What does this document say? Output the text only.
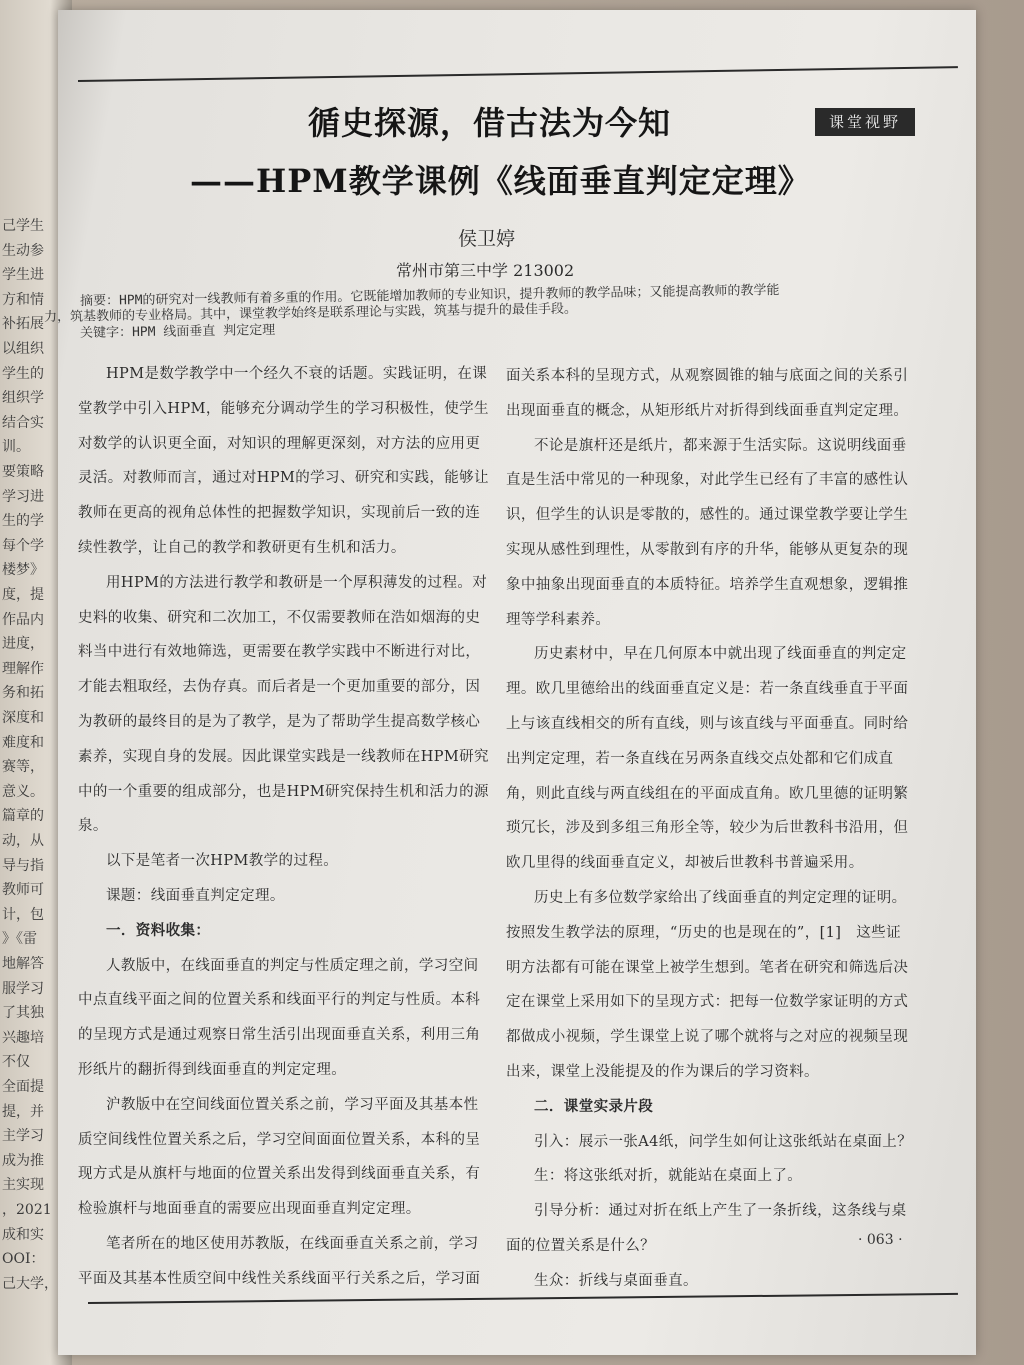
己学生
生动参
学生进
方和情
补拓展
以组织
学生的
组织学
结合实
训。
要策略
学习进
生的学
每个学
楼梦》
度，提
作品内
进度，
理解作
务和拓
深度和
难度和
赛等，
意义。
篇章的
动，从
导与指
教师可
计，包
》《雷
地解答
服学习
了其独
兴趣培
不仅
全面提
提，并
主学习
成为推
主实现
，2021
成和实
OOI：
己大学，
课堂视野
循史探源，借古法为今知
——HPM教学课例《线面垂直判定定理》
侯卫婷
常州市第三中学 213002
摘要：HPM的研究对一线教师有着多重的作用。它既能增加教师的专业知识，提升教师的教学品味；又能提高教师的教学能
力，筑基教师的专业格局。其中，课堂教学始终是联系理论与实践，筑基与提升的最佳手段。
关键字：HPM 线面垂直 判定定理
HPM是数学教学中一个经久不衰的话题。实践证明，在课
堂教学中引入HPM，能够充分调动学生的学习积极性，使学生
对数学的认识更全面，对知识的理解更深刻，对方法的应用更
灵活。对教师而言，通过对HPM的学习、研究和实践，能够让
教师在更高的视角总体性的把握数学知识，实现前后一致的连
续性教学，让自己的教学和教研更有生机和活力。
用HPM的方法进行教学和教研是一个厚积薄发的过程。对
史料的收集、研究和二次加工，不仅需要教师在浩如烟海的史
料当中进行有效地筛选，更需要在教学实践中不断进行对比，
才能去粗取经，去伪存真。而后者是一个更加重要的部分，因
为教研的最终目的是为了教学，是为了帮助学生提高数学核心
素养，实现自身的发展。因此课堂实践是一线教师在HPM研究
中的一个重要的组成部分，也是HPM研究保持生机和活力的源
泉。
以下是笔者一次HPM教学的过程。
课题：线面垂直判定定理。
一．资料收集：
人教版中，在线面垂直的判定与性质定理之前，学习空间
中点直线平面之间的位置关系和线面平行的判定与性质。本科
的呈现方式是通过观察日常生活引出现面垂直关系，利用三角
形纸片的翻折得到线面垂直的判定定理。
沪教版中在空间线面位置关系之前，学习平面及其基本性
质空间线性位置关系之后，学习空间面面位置关系，本科的呈
现方式是从旗杆与地面的位置关系出发得到线面垂直关系，有
检验旗杆与地面垂直的需要应出现面垂直判定定理。
笔者所在的地区使用苏教版，在线面垂直关系之前，学习
平面及其基本性质空间中线性关系线面平行关系之后，学习面
面关系本科的呈现方式，从观察圆锥的轴与底面之间的关系引
出现面垂直的概念，从矩形纸片对折得到线面垂直判定定理。
不论是旗杆还是纸片，都来源于生活实际。这说明线面垂
直是生活中常见的一种现象，对此学生已经有了丰富的感性认
识，但学生的认识是零散的，感性的。通过课堂教学要让学生
实现从感性到理性，从零散到有序的升华，能够从更复杂的现
象中抽象出现面垂直的本质特征。培养学生直观想象，逻辑推
理等学科素养。
历史素材中，早在几何原本中就出现了线面垂直的判定定
理。欧几里德给出的线面垂直定义是：若一条直线垂直于平面
上与该直线相交的所有直线，则与该直线与平面垂直。同时给
出判定定理，若一条直线在另两条直线交点处都和它们成直
角，则此直线与两直线组在的平面成直角。欧几里德的证明繁
琐冗长，涉及到多组三角形全等，较少为后世教科书沿用，但
欧几里得的线面垂直定义，却被后世教科书普遍采用。
历史上有多位数学家给出了线面垂直的判定定理的证明。
按照发生教学法的原理，“历史的也是现在的”，[1]　这些证
明方法都有可能在课堂上被学生想到。笔者在研究和筛选后决
定在课堂上采用如下的呈现方式：把每一位数学家证明的方式
都做成小视频，学生课堂上说了哪个就将与之对应的视频呈现
出来，课堂上没能提及的作为课后的学习资料。
二．课堂实录片段
引入：展示一张A4纸，问学生如何让这张纸站在桌面上？
生：将这张纸对折，就能站在桌面上了。
引导分析：通过对折在纸上产生了一条折线，这条线与桌
面的位置关系是什么？
生众：折线与桌面垂直。
· 063 ·
